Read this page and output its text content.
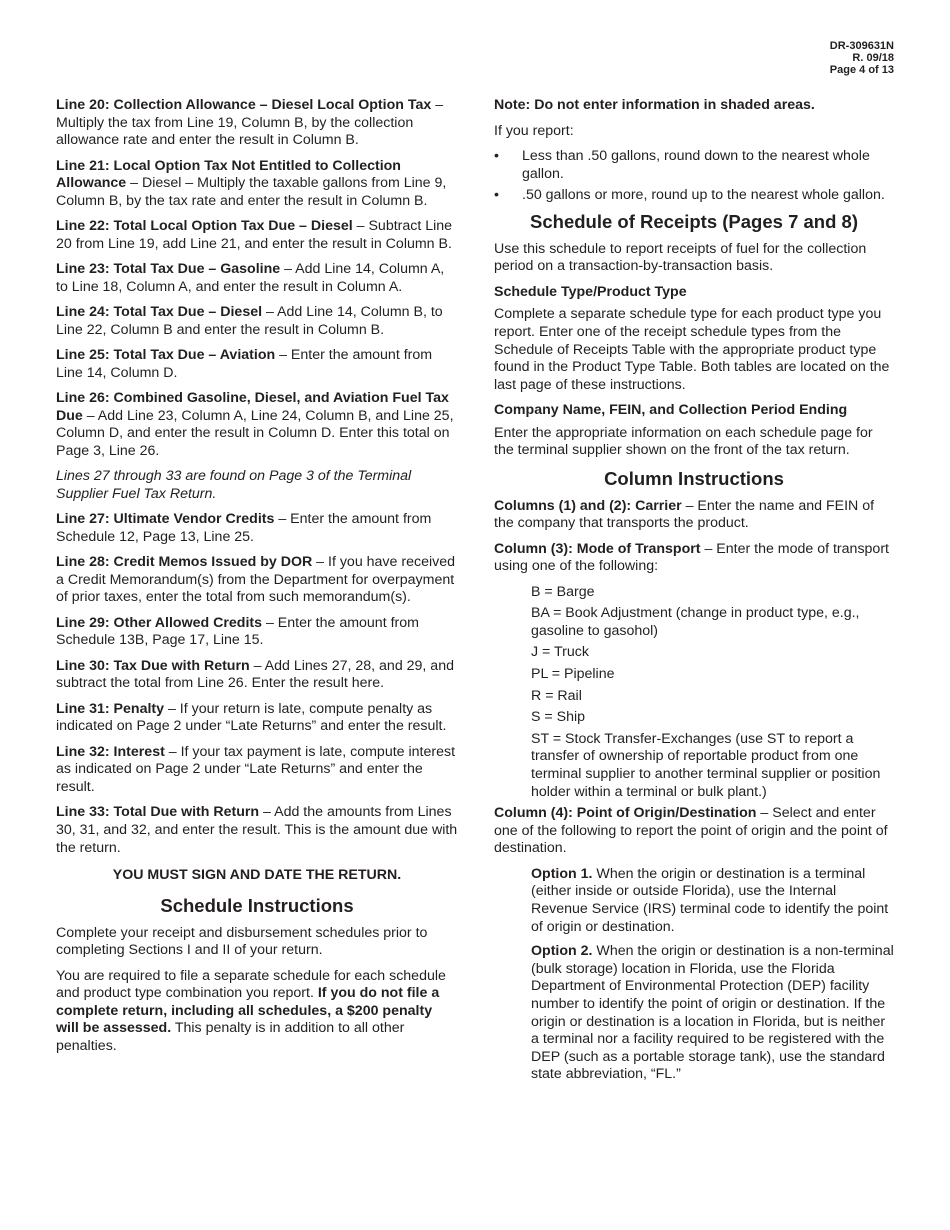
DR-309631N
R. 09/18
Page 4 of 13

Line 20: Collection Allowance – Diesel Local Option Tax – Multiply the tax from Line 19, Column B, by the collection allowance rate and enter the result in Column B.

Line 21: Local Option Tax Not Entitled to Collection Allowance – Diesel – Multiply the taxable gallons from Line 9, Column B, by the tax rate and enter the result in Column B.

Line 22: Total Local Option Tax Due – Diesel – Subtract Line 20 from Line 19, add Line 21, and enter the result in Column B.

Line 23: Total Tax Due – Gasoline – Add Line 14, Column A, to Line 18, Column A, and enter the result in Column A.

Line 24: Total Tax Due – Diesel – Add Line 14, Column B, to Line 22, Column B and enter the result in Column B.

Line 25: Total Tax Due – Aviation – Enter the amount from Line 14, Column D.

Line 26: Combined Gasoline, Diesel, and Aviation Fuel Tax Due – Add Line 23, Column A, Line 24, Column B, and Line 25, Column D, and enter the result in Column D. Enter this total on Page 3, Line 26.

Lines 27 through 33 are found on Page 3 of the Terminal Supplier Fuel Tax Return.

Line 27: Ultimate Vendor Credits – Enter the amount from Schedule 12, Page 13, Line 25.

Line 28: Credit Memos Issued by DOR – If you have received a Credit Memorandum(s) from the Department for overpayment of prior taxes, enter the total from such memorandum(s).

Line 29: Other Allowed Credits – Enter the amount from Schedule 13B, Page 17, Line 15.

Line 30: Tax Due with Return – Add Lines 27, 28, and 29, and subtract the total from Line 26. Enter the result here.

Line 31: Penalty – If your return is late, compute penalty as indicated on Page 2 under “Late Returns” and enter the result.

Line 32: Interest – If your tax payment is late, compute interest as indicated on Page 2 under “Late Returns” and enter the result.

Line 33: Total Due with Return – Add the amounts from Lines 30, 31, and 32, and enter the result. This is the amount due with the return.

YOU MUST SIGN AND DATE THE RETURN.
Schedule Instructions

Complete your receipt and disbursement schedules prior to completing Sections I and II of your return.

You are required to file a separate schedule for each schedule and product type combination you report. If you do not file a complete return, including all schedules, a $200 penalty will be assessed. This penalty is in addition to all other penalties.

Note: Do not enter information in shaded areas.

If you report:

• Less than .50 gallons, round down to the nearest whole gallon.
• .50 gallons or more, round up to the nearest whole gallon.
Schedule of Receipts (Pages 7 and 8)

Use this schedule to report receipts of fuel for the collection period on a transaction-by-transaction basis.

Schedule Type/Product Type

Complete a separate schedule type for each product type you report. Enter one of the receipt schedule types from the Schedule of Receipts Table with the appropriate product type found in the Product Type Table. Both tables are located on the last page of these instructions.

Company Name, FEIN, and Collection Period Ending

Enter the appropriate information on each schedule page for the terminal supplier shown on the front of the tax return.

Column Instructions

Columns (1) and (2): Carrier – Enter the name and FEIN of the company that transports the product.

Column (3): Mode of Transport – Enter the mode of transport using one of the following:

B = Barge

BA = Book Adjustment (change in product type, e.g., gasoline to gasohol)

J = Truck

PL = Pipeline

R = Rail

S = Ship

ST = Stock Transfer-Exchanges (use ST to report a transfer of ownership of reportable product from one terminal supplier to another terminal supplier or position holder within a terminal or bulk plant.)

Column (4): Point of Origin/Destination – Select and enter one of the following to report the point of origin and the point of destination.

Option 1. When the origin or destination is a terminal (either inside or outside Florida), use the Internal Revenue Service (IRS) terminal code to identify the point of origin or destination.

Option 2. When the origin or destination is a non-terminal (bulk storage) location in Florida, use the Florida Department of Environmental Protection (DEP) facility number to identify the point of origin or destination. If the origin or destination is a location in Florida, but is neither a terminal nor a facility required to be registered with the DEP (such as a portable storage tank), use the standard state abbreviation, “FL.”
